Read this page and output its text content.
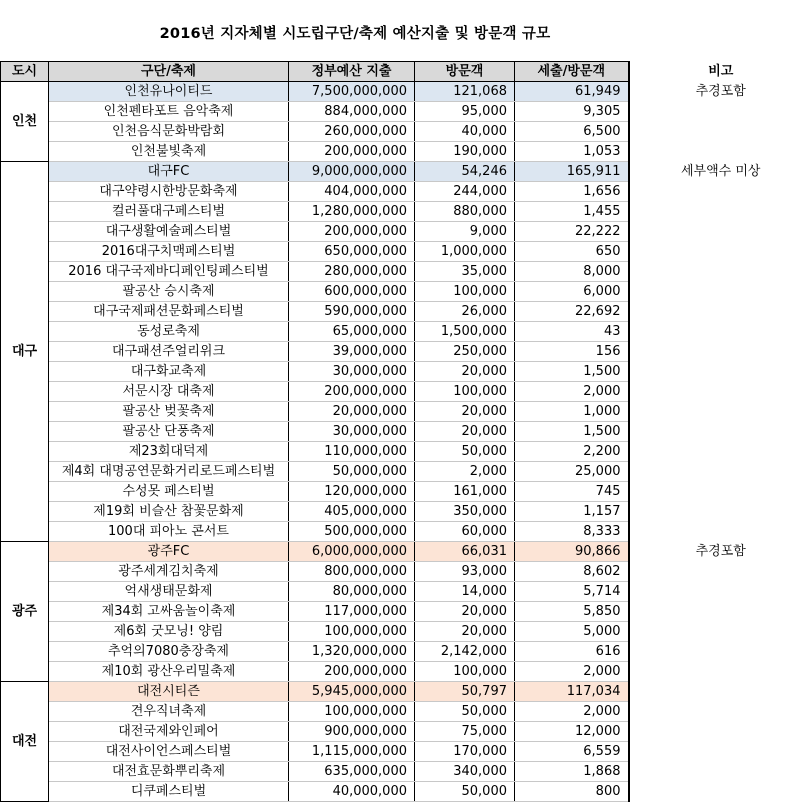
2016년 지자체별 시도립구단/축제 예산지출 및 방문객 규모
도시	구단/축제	정부예산 지출	방문객	세출/방문객	비고
인천	인천유나이티드	7,500,000,000	121,068	61,949	추경포함
	인천펜타포트 음악축제	884,000,000	95,000	9,305	
	인천음식문화박람회	260,000,000	40,000	6,500	
	인천불빛축제	200,000,000	190,000	1,053	
대구	대구FC	9,000,000,000	54,246	165,911	세부액수 미상
	대구약령시한방문화축제	404,000,000	244,000	1,656	
	컬러풀대구페스티벌	1,280,000,000	880,000	1,455	
	대구생활예술페스티벌	200,000,000	9,000	22,222	
	2016대구치맥페스티벌	650,000,000	1,000,000	650	
	2016 대구국제바디페인팅페스티벌	280,000,000	35,000	8,000	
	팔공산 승시축제	600,000,000	100,000	6,000	
	대구국제패션문화페스티벌	590,000,000	26,000	22,692	
	동성로축제	65,000,000	1,500,000	43	
	대구패션주얼리위크	39,000,000	250,000	156	
	대구화교축제	30,000,000	20,000	1,500	
	서문시장 대축제	200,000,000	100,000	2,000	
	팔공산 벚꽃축제	20,000,000	20,000	1,000	
	팔공산 단풍축제	30,000,000	20,000	1,500	
	제23회대덕제	110,000,000	50,000	2,200	
	제4회 대명공연문화거리로드페스티벌	50,000,000	2,000	25,000	
	수성못 페스티벌	120,000,000	161,000	745	
	제19회 비슬산 참꽃문화제	405,000,000	350,000	1,157	
	100대 피아노 콘서트	500,000,000	60,000	8,333	
광주	광주FC	6,000,000,000	66,031	90,866	추경포함
	광주세계김치축제	800,000,000	93,000	8,602	
	억새생태문화제	80,000,000	14,000	5,714	
	제34회 고싸움놀이축제	117,000,000	20,000	5,850	
	제6회 굿모닝! 양림	100,000,000	20,000	5,000	
	추억의7080충장축제	1,320,000,000	2,142,000	616	
	제10회 광산우리밀축제	200,000,000	100,000	2,000	
대전	대전시티즌	5,945,000,000	50,797	117,034	
	견우직녀축제	100,000,000	50,000	2,000	
	대전국제와인페어	900,000,000	75,000	12,000	
	대전사이언스페스티벌	1,115,000,000	170,000	6,559	
	대전효문화뿌리축제	635,000,000	340,000	1,868	
	디쿠페스티벌	40,000,000	50,000	800	
